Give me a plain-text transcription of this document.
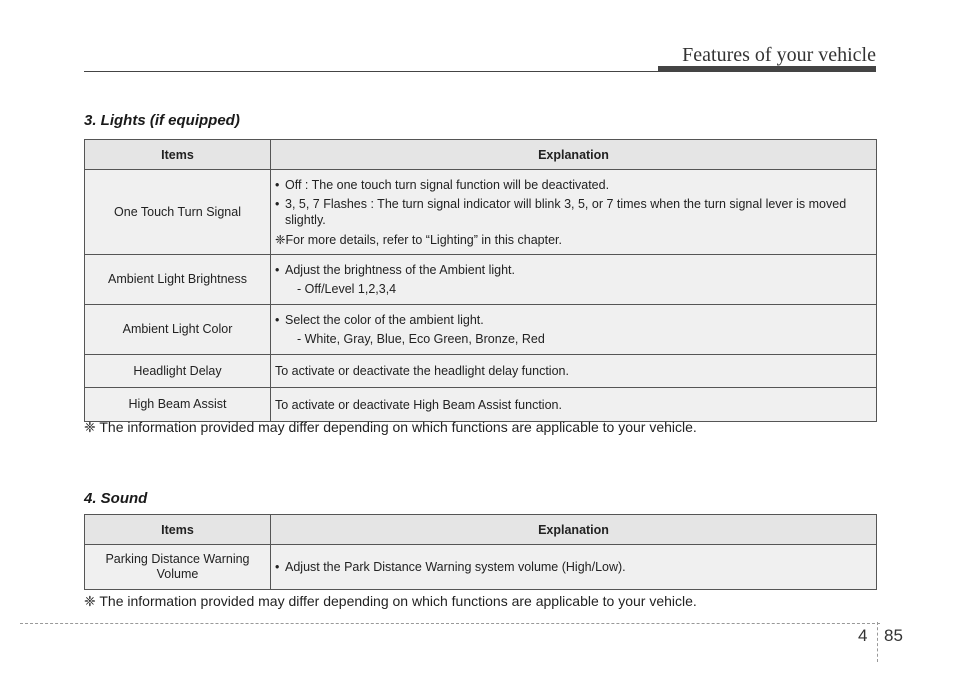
Features of your vehicle
3. Lights (if equipped)
Items	Explanation
One Touch Turn Signal	• Off : The one touch turn signal function will be deactivated.
• 3, 5, 7 Flashes : The turn signal indicator will blink 3, 5, or 7 times when the turn signal lever is moved slightly.
❈For more details, refer to “Lighting” in this chapter.

Ambient Light Brightness	• Adjust the brightness of the Ambient light.
- Off/Level 1,2,3,4

Ambient Light Color	• Select the color of the ambient light.
- White, Gray, Blue, Eco Green, Bronze, Red

Headlight Delay	To activate or deactivate the headlight delay function.
High Beam Assist	To activate or deactivate High Beam Assist function.
❈ The information provided may differ depending on which functions are applicable to your vehicle.
4. Sound
Items	Explanation
Parking Distance Warning Volume	• Adjust the Park Distance Warning system volume (High/Low).
❈ The information provided may differ depending on which functions are applicable to your vehicle.
4 85
